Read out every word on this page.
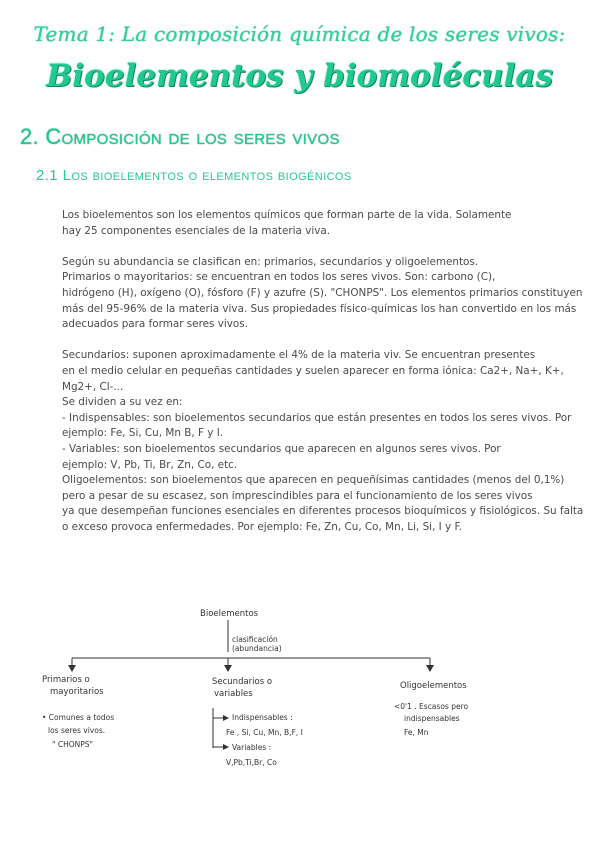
Tema 1: La composición química de los seres vivos:
Bioelementos y biomoléculas
2. Composición de los seres vivos
2.1 Los bioelementos o elementos biogénicos

Los bioelementos son los elementos químicos que forman parte de la vida. Solamente
hay 25 componentes esenciales de la materia viva.

Según su abundancia se clasifican en: primarios, secundarios y oligoelementos.
Primarios o mayoritarios: se encuentran en todos los seres vivos. Son: carbono (C),
hidrógeno (H), oxígeno (O), fósforo (F) y azufre (S). "CHONPS". Los elementos primarios constituyen
más del 95-96% de la materia viva. Sus propiedades físico-químicas los han convertido en los más
adecuados para formar seres vivos.

Secundarios: suponen aproximadamente el 4% de la materia viv. Se encuentran presentes
en el medio celular en pequeñas cantidades y suelen aparecer en forma iónica: Ca2+, Na+, K+, Mg2+, Cl-...
Se dividen a su vez en:
- Indispensables: son bioelementos secundarios que están presentes en todos los seres vivos. Por
ejemplo: Fe, Si, Cu, Mn B, F y I.
- Variables: son bioelementos secundarios que aparecen en algunos seres vivos. Por
ejemplo: V, Pb, Ti, Br, Zn, Co, etc.
Oligoelementos: son bioelementos que aparecen en pequeñísimas cantidades (menos del 0,1%)
pero a pesar de su escasez, son imprescindibles para el funcionamiento de los seres vivos
ya que desempeñan funciones esenciales en diferentes procesos bioquímicos y fisiológicos. Su falta
o exceso provoca enfermedades. Por ejemplo: Fe, Zn, Cu, Co, Mn, Li, Si, I y F.

Bioelementos
clasificación
(abundancia)
Primarios o
mayoritarios
• Comunes a todos
los seres vivos.
" CHONPS"
Secundarios o
variables
Indispensables :
Fe , Si, Cu, Mn, B,F, I
Variables :
V,Pb,Ti,Br, Co
Oligoelementos
<0'1 . Escasos pero
indispensables
Fe, Mn
